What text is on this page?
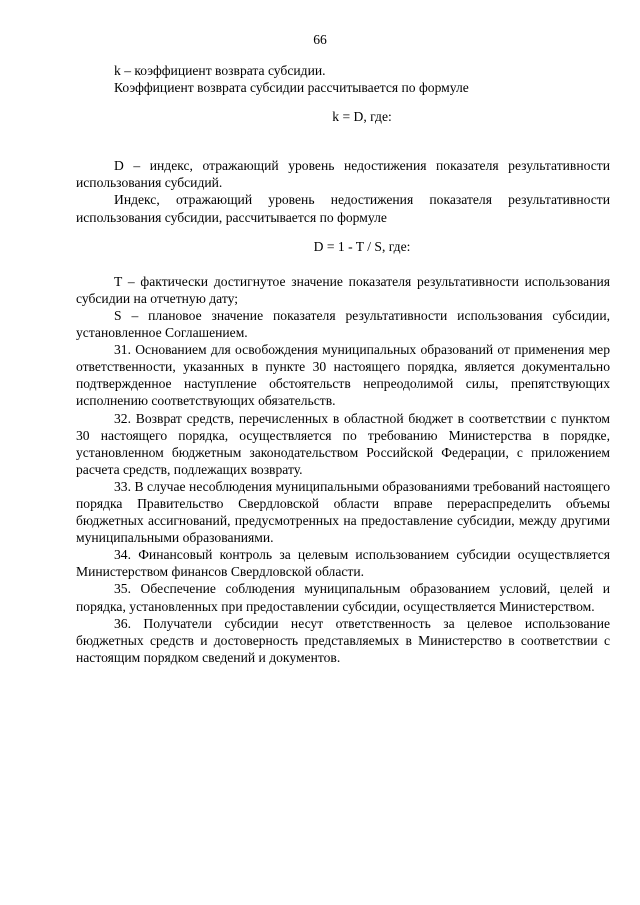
66

k – коэффициент возврата субсидии.

Коэффициент возврата субсидии рассчитывается по формуле

k = D, где:

D – индекс, отражающий уровень недостижения показателя результативности использования субсидий.

Индекс, отражающий уровень недостижения показателя результативности использования субсидии, рассчитывается по формуле

D = 1 - T / S, где:

T – фактически достигнутое значение показателя результативности использования субсидии на отчетную дату;

S – плановое значение показателя результативности использования субсидии, установленное Соглашением.

31. Основанием для освобождения муниципальных образований от применения мер ответственности, указанных в пункте 30 настоящего порядка, является документально подтвержденное наступление обстоятельств непреодолимой силы, препятствующих исполнению соответствующих обязательств.

32. Возврат средств, перечисленных в областной бюджет в соответствии с пунктом 30 настоящего порядка, осуществляется по требованию Министерства в порядке, установленном бюджетным законодательством Российской Федерации, с приложением расчета средств, подлежащих возврату.

33. В случае несоблюдения муниципальными образованиями требований настоящего порядка Правительство Свердловской области вправе перераспределить объемы бюджетных ассигнований, предусмотренных на предоставление субсидии, между другими муниципальными образованиями.

34. Финансовый контроль за целевым использованием субсидии осуществляется Министерством финансов Свердловской области.

35. Обеспечение соблюдения муниципальным образованием условий, целей и порядка, установленных при предоставлении субсидии, осуществляется Министерством.

36. Получатели субсидии несут ответственность за целевое использование бюджетных средств и достоверность представляемых в Министерство в соответствии с настоящим порядком сведений и документов.
